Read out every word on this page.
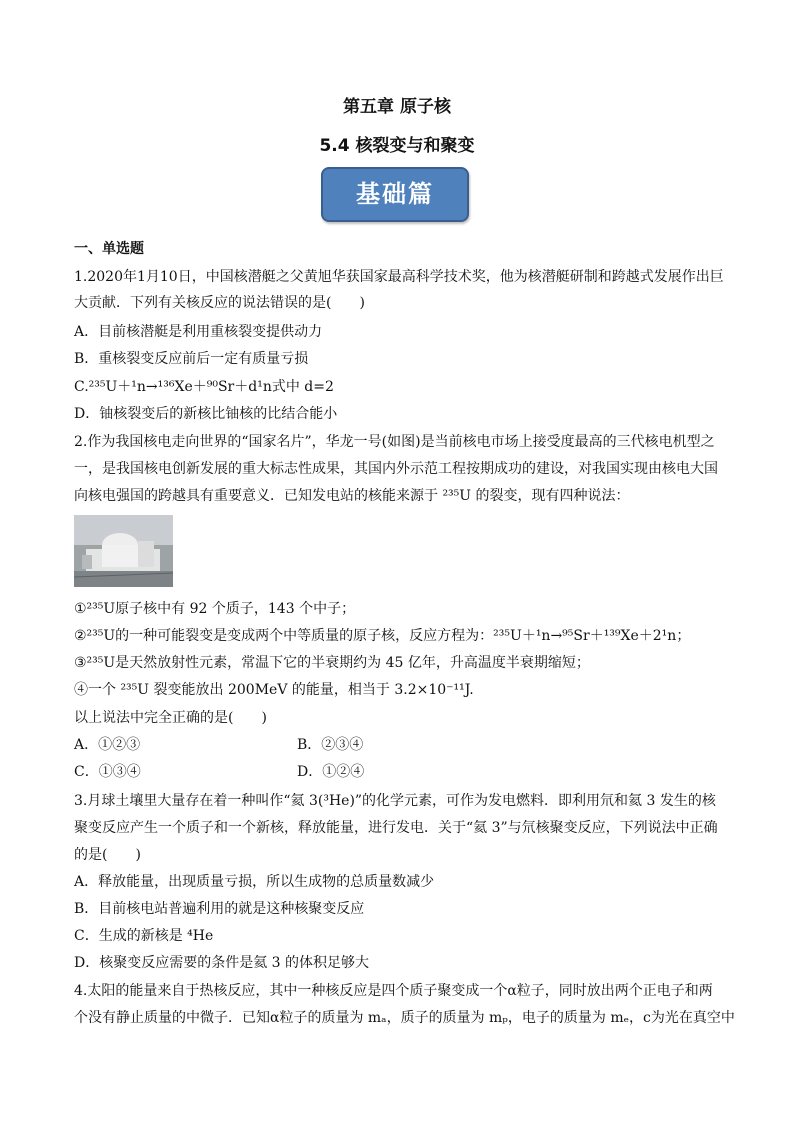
第五章 原子核
5.4 核裂变与和聚变
基础篇
一、单选题
1.2020年1月10日，中国核潜艇之父黄旭华获国家最高科学技术奖，他为核潜艇研制和跨越式发展作出巨
大贡献．下列有关核反应的说法错误的是(　　)
A．目前核潜艇是利用重核裂变提供动力
B．重核裂变反应前后一定有质量亏损
C.²³⁵U＋¹n→¹³⁶Xe＋⁹⁰Sr＋d¹n式中 d=2
D．铀核裂变后的新核比铀核的比结合能小
2.作为我国核电走向世界的“国家名片”，华龙一号(如图)是当前核电市场上接受度最高的三代核电机型之
一，是我国核电创新发展的重大标志性成果，其国内外示范工程按期成功的建设，对我国实现由核电大国
向核电强国的跨越具有重要意义．已知发电站的核能来源于 ²³⁵U 的裂变，现有四种说法：
①²³⁵U原子核中有 92 个质子，143 个中子；
②²³⁵U的一种可能裂变是变成两个中等质量的原子核，反应方程为：²³⁵U＋¹n→⁹⁵Sr＋¹³⁹Xe＋2¹n；
③²³⁵U是天然放射性元素，常温下它的半衰期约为 45 亿年，升高温度半衰期缩短；
④一个 ²³⁵U 裂变能放出 200MeV 的能量，相当于 3.2×10⁻¹¹J.
以上说法中完全正确的是(　　)
A．①②③	B．②③④
C．①③④	D．①②④
3.月球土壤里大量存在着一种叫作“氦 3(³He)”的化学元素，可作为发电燃料．即利用氘和氦 3 发生的核
聚变反应产生一个质子和一个新核，释放能量，进行发电．关于“氦 3”与氘核聚变反应，下列说法中正确
的是(　　)
A．释放能量，出现质量亏损，所以生成物的总质量数减少
B．目前核电站普遍利用的就是这种核聚变反应
C．生成的新核是 ⁴He
D．核聚变反应需要的条件是氦 3 的体积足够大
4.太阳的能量来自于热核反应，其中一种核反应是四个质子聚变成一个α粒子，同时放出两个正电子和两
个没有静止质量的中微子．已知α粒子的质量为 mₐ，质子的质量为 mₚ，电子的质量为 mₑ，c为光在真空中
